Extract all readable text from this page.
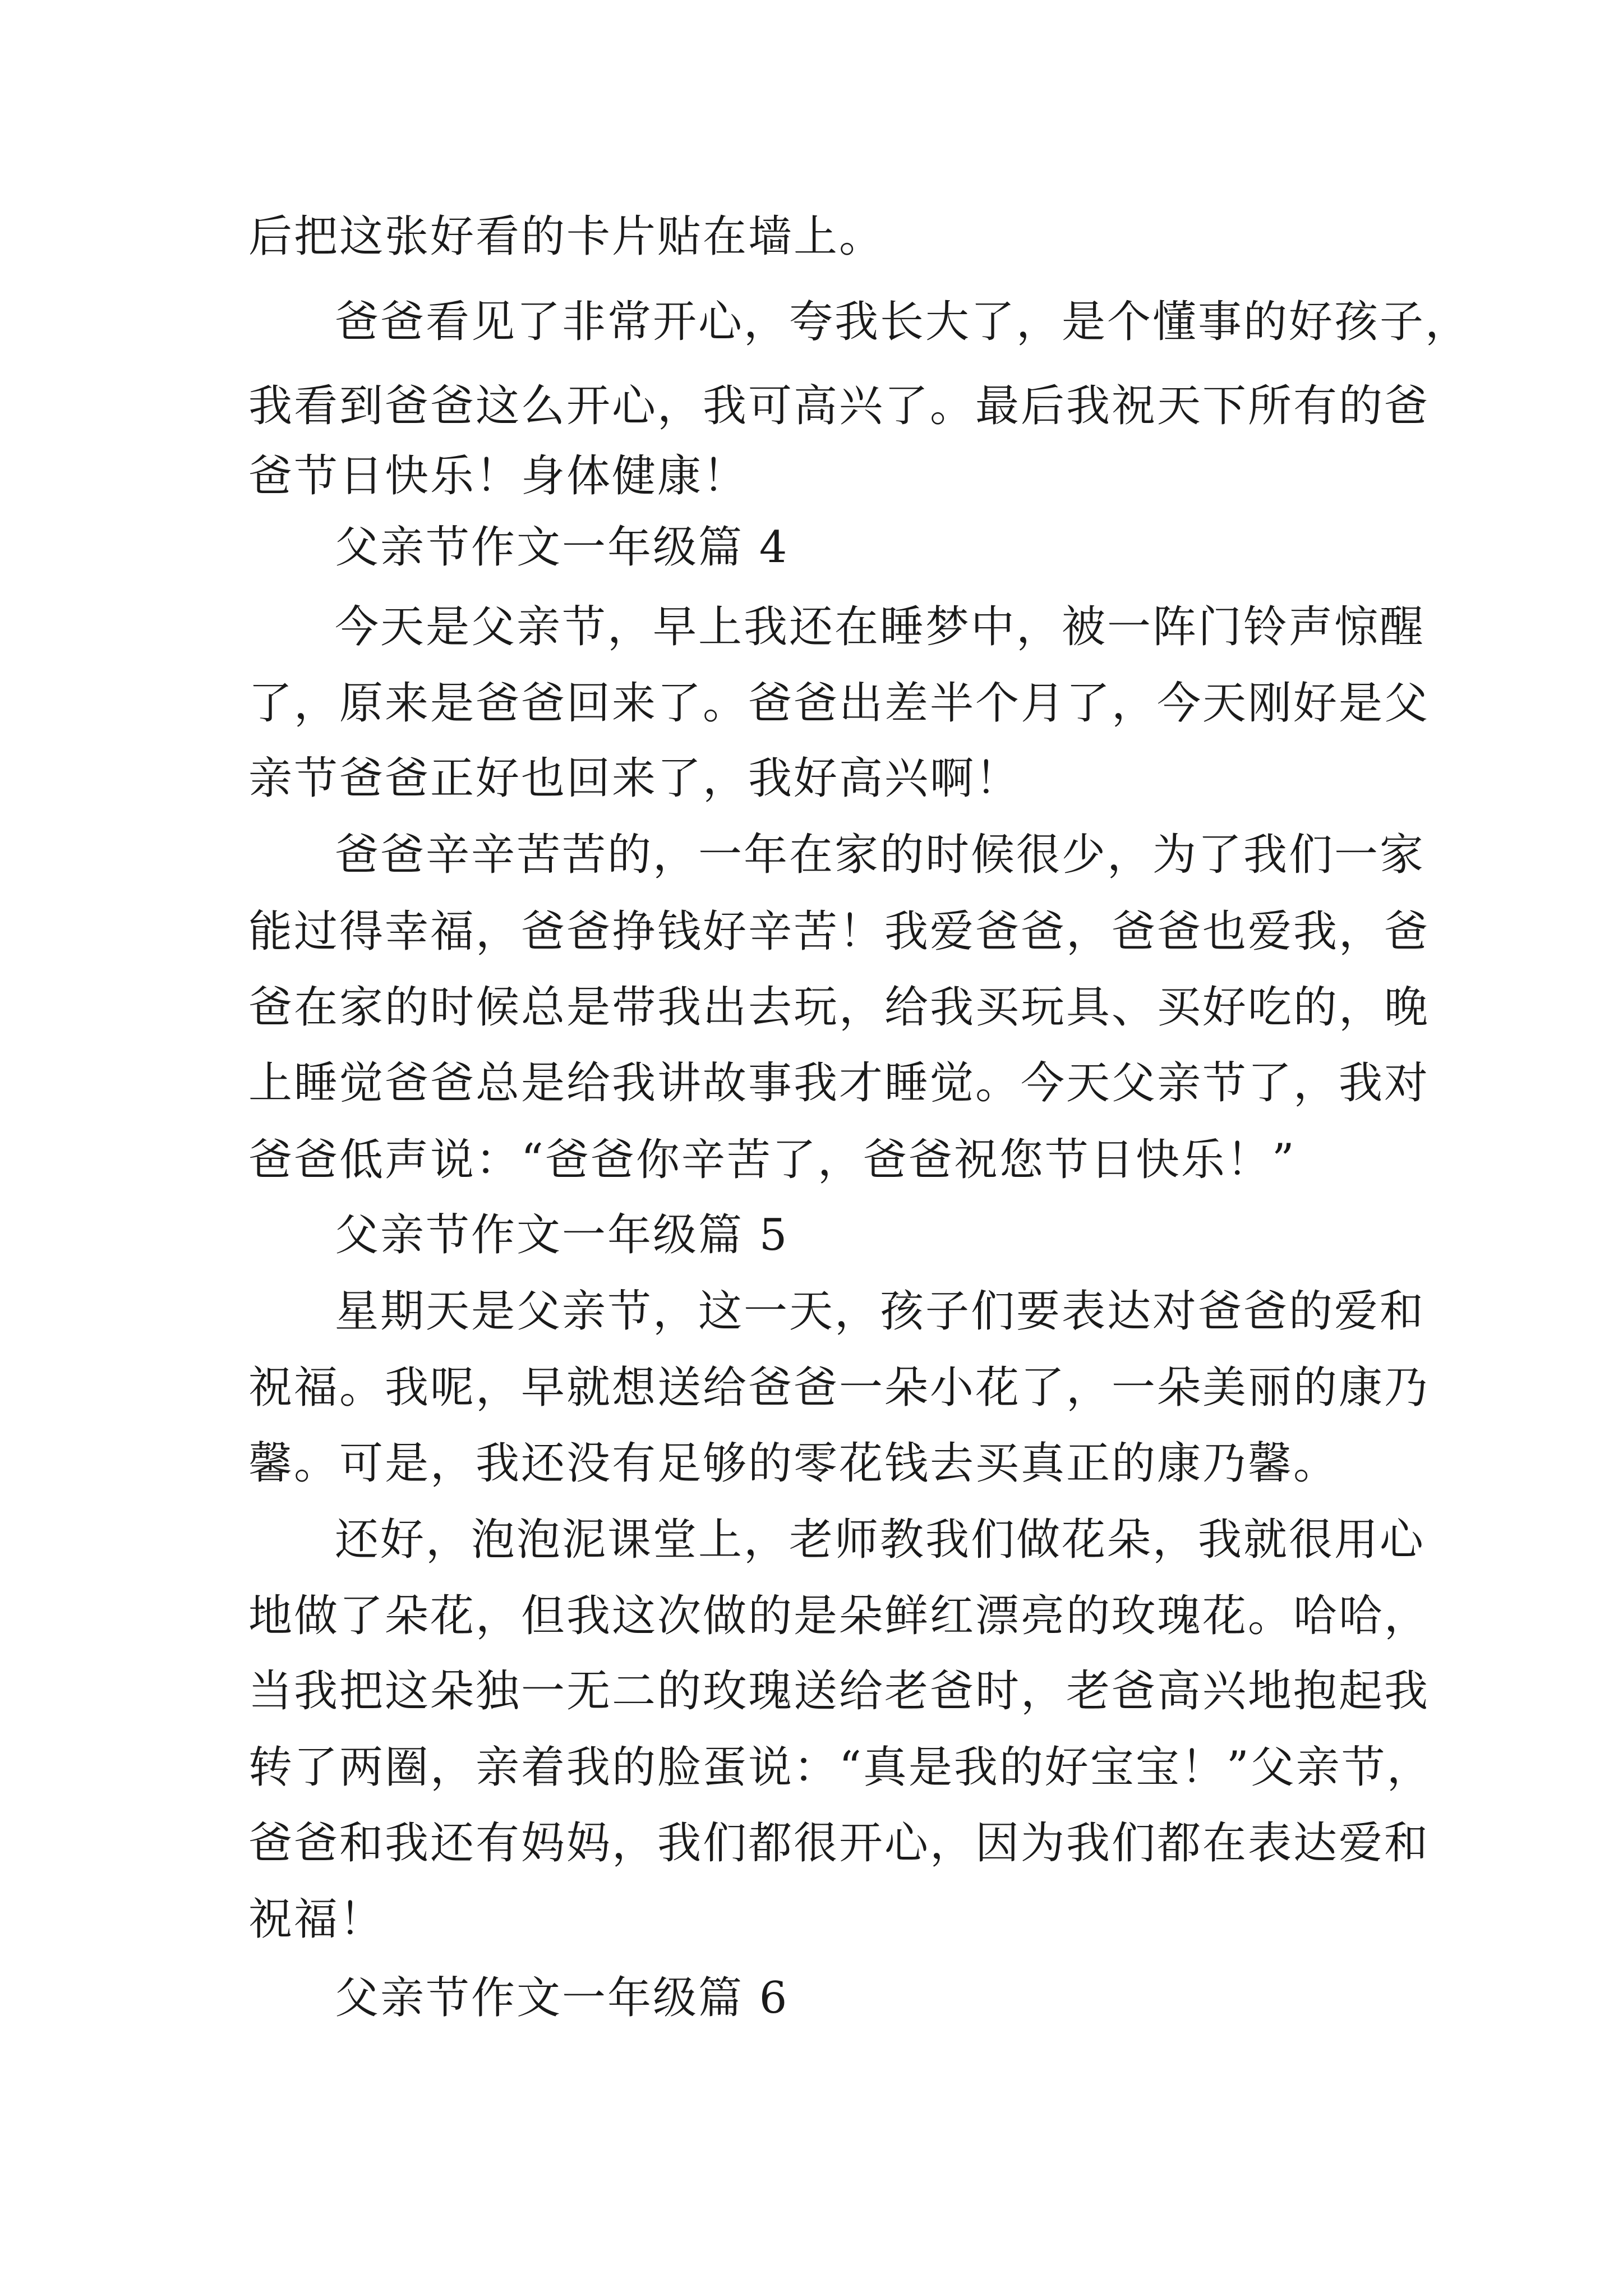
后把这张好看的卡片贴在墙上。

爸爸看见了非常开心，夸我长大了，是个懂事的好孩子，

我看到爸爸这么开心，我可高兴了。最后我祝天下所有的爸

爸节日快乐！身体健康！

父亲节作文一年级篇 4

今天是父亲节，早上我还在睡梦中，被一阵门铃声惊醒

了，原来是爸爸回来了。爸爸出差半个月了，今天刚好是父

亲节爸爸正好也回来了，我好高兴啊！

爸爸辛辛苦苦的，一年在家的时候很少，为了我们一家

能过得幸福，爸爸挣钱好辛苦！我爱爸爸，爸爸也爱我，爸

爸在家的时候总是带我出去玩，给我买玩具、买好吃的，晚

上睡觉爸爸总是给我讲故事我才睡觉。今天父亲节了，我对

爸爸低声说：“爸爸你辛苦了，爸爸祝您节日快乐！”

父亲节作文一年级篇 5

星期天是父亲节，这一天，孩子们要表达对爸爸的爱和

祝福。我呢，早就想送给爸爸一朵小花了，一朵美丽的康乃

馨。可是，我还没有足够的零花钱去买真正的康乃馨。

还好，泡泡泥课堂上，老师教我们做花朵，我就很用心

地做了朵花，但我这次做的是朵鲜红漂亮的玫瑰花。哈哈，

当我把这朵独一无二的玫瑰送给老爸时，老爸高兴地抱起我

转了两圈，亲着我的脸蛋说：“真是我的好宝宝！”父亲节，

爸爸和我还有妈妈，我们都很开心，因为我们都在表达爱和

祝福！

父亲节作文一年级篇 6
